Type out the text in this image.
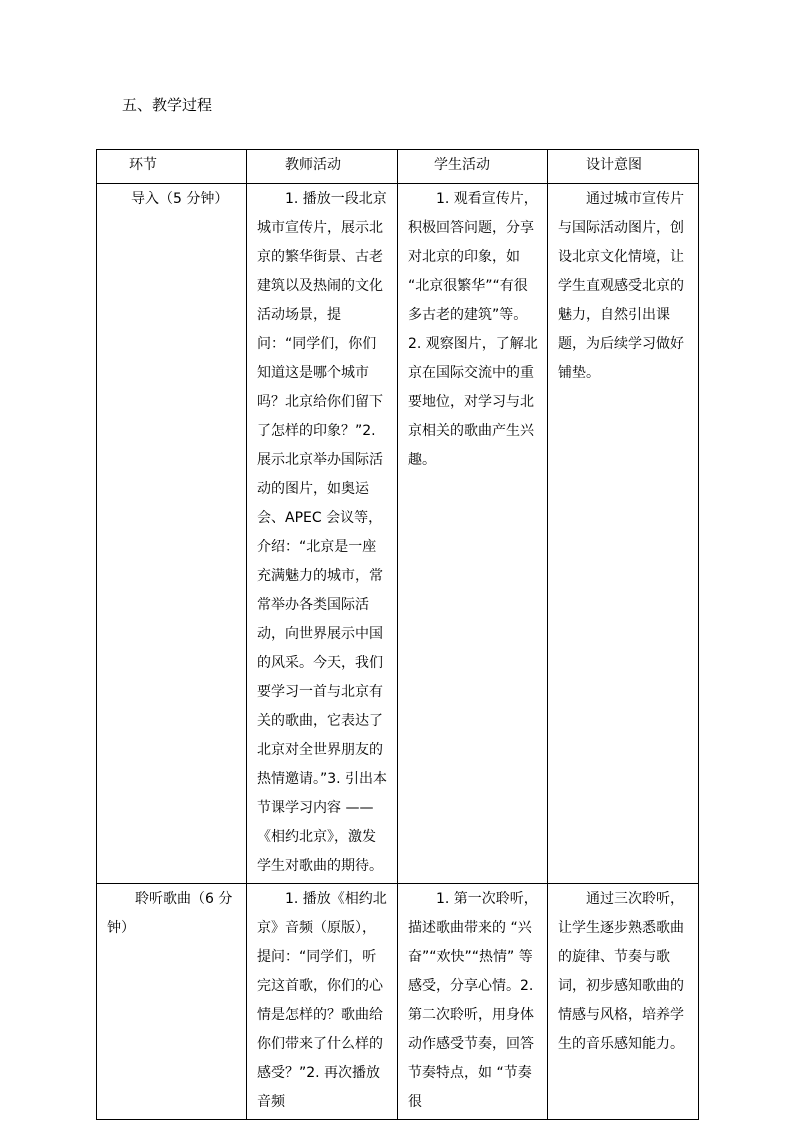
五、教学过程
环节	教师活动	学生活动	设计意图
导入（5 分钟）	1. 播放一段北京城市宣传片，展示北京的繁华街景、古老建筑以及热闹的文化活动场景，提问：“同学们，你们知道这是哪个城市吗？北京给你们留下了怎样的印象？”2. 展示北京举办国际活动的图片，如奥运会、APEC 会议等，介绍：“北京是一座充满魅力的城市，常常举办各类国际活动，向世界展示中国的风采。今天，我们要学习一首与北京有关的歌曲，它表达了北京对全世界朋友的热情邀请。”3. 引出本节课学习内容 ——《相约北京》，激发学生对歌曲的期待。	1. 观看宣传片，积极回答问题，分享对北京的印象，如 “北京很繁华”“有很多古老的建筑”等。2. 观察图片，了解北京在国际交流中的重要地位，对学习与北京相关的歌曲产生兴趣。	通过城市宣传片与国际活动图片，创设北京文化情境，让学生直观感受北京的魅力，自然引出课题，为后续学习做好铺垫。
聆听歌曲（6 分钟）	1. 播放《相约北京》音频（原版），提问：“同学们，听完这首歌，你们的心情是怎样的？歌曲给你们带来了什么样的感受？”2. 再次播放音频	1. 第一次聆听，描述歌曲带来的 “兴奋”“欢快”“热情” 等感受，分享心情。2. 第二次聆听，用身体动作感受节奏，回答节奏特点，如 “节奏很	通过三次聆听，让学生逐步熟悉歌曲的旋律、节奏与歌词，初步感知歌曲的情感与风格，培养学生的音乐感知能力。
